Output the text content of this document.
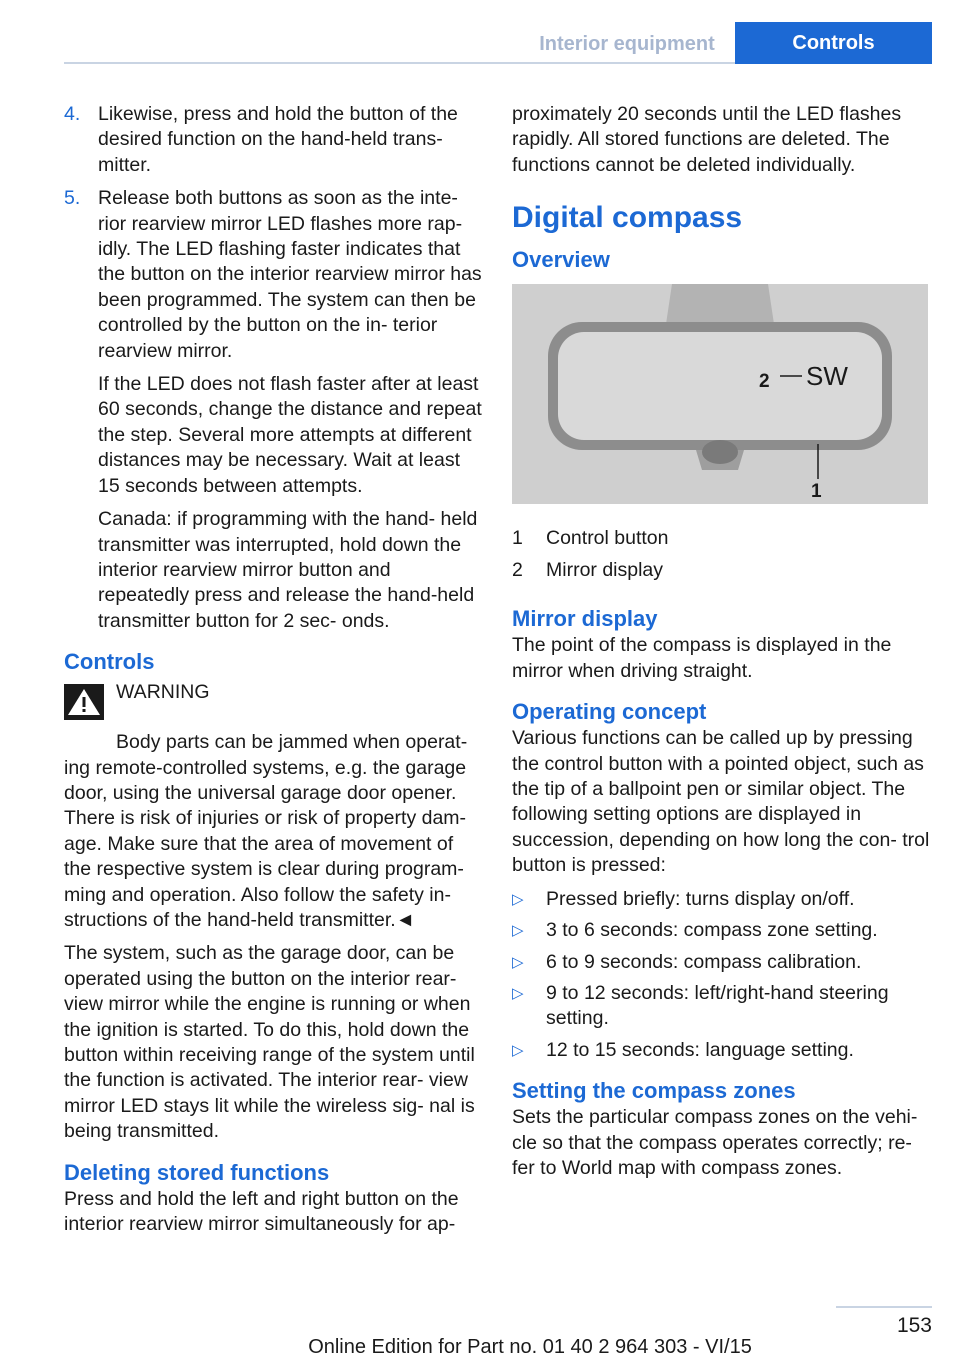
Interior equipment	Controls
4. Likewise, press and hold the button of the desired function on the hand-held trans‐ mitter.
5. Release both buttons as soon as the inte‐ rior rearview mirror LED flashes more rap‐ idly. The LED flashing faster indicates that the button on the interior rearview mirror has been programmed. The system can then be controlled by the button on the in‐ terior rearview mirror.

If the LED does not flash faster after at least 60 seconds, change the distance and repeat the step. Several more attempts at different distances may be necessary. Wait at least 15 seconds between attempts.

Canada: if programming with the hand- held transmitter was interrupted, hold down the interior rearview mirror button and repeatedly press and release the hand-held transmitter button for 2 sec‐ onds.

Controls
WARNING

Body parts can be jammed when operat‐ ing remote-controlled systems, e.g. the garage door, using the universal garage door opener. There is risk of injuries or risk of property dam‐ age. Make sure that the area of movement of the respective system is clear during program‐ ming and operation. Also follow the safety in‐ structions of the hand-held transmitter.◄

The system, such as the garage door, can be operated using the button on the interior rear‐ view mirror while the engine is running or when the ignition is started. To do this, hold down the button within receiving range of the system until the function is activated. The interior rear‐ view mirror LED stays lit while the wireless sig‐ nal is being transmitted.

Deleting stored functions

Press and hold the left and right button on the interior rearview mirror simultaneously for ap‐

proximately 20 seconds until the LED flashes rapidly. All stored functions are deleted. The functions cannot be deleted individually.

Digital compass
Overview
SW
2
1
1	Control button
2	Mirror display
Mirror display

The point of the compass is displayed in the mirror when driving straight.

Operating concept

Various functions can be called up by pressing the control button with a pointed object, such as the tip of a ballpoint pen or similar object. The following setting options are displayed in succession, depending on how long the con‐ trol button is pressed:

▷	Pressed briefly: turns display on/off.
▷	3 to 6 seconds: compass zone setting.
▷	6 to 9 seconds: compass calibration.
▷	9 to 12 seconds: left/right-hand steering setting.
▷	12 to 15 seconds: language setting.
Setting the compass zones

Sets the particular compass zones on the vehi‐ cle so that the compass operates correctly; re‐ fer to World map with compass zones.

153
Online Edition for Part no. 01 40 2 964 303 - VI/15
